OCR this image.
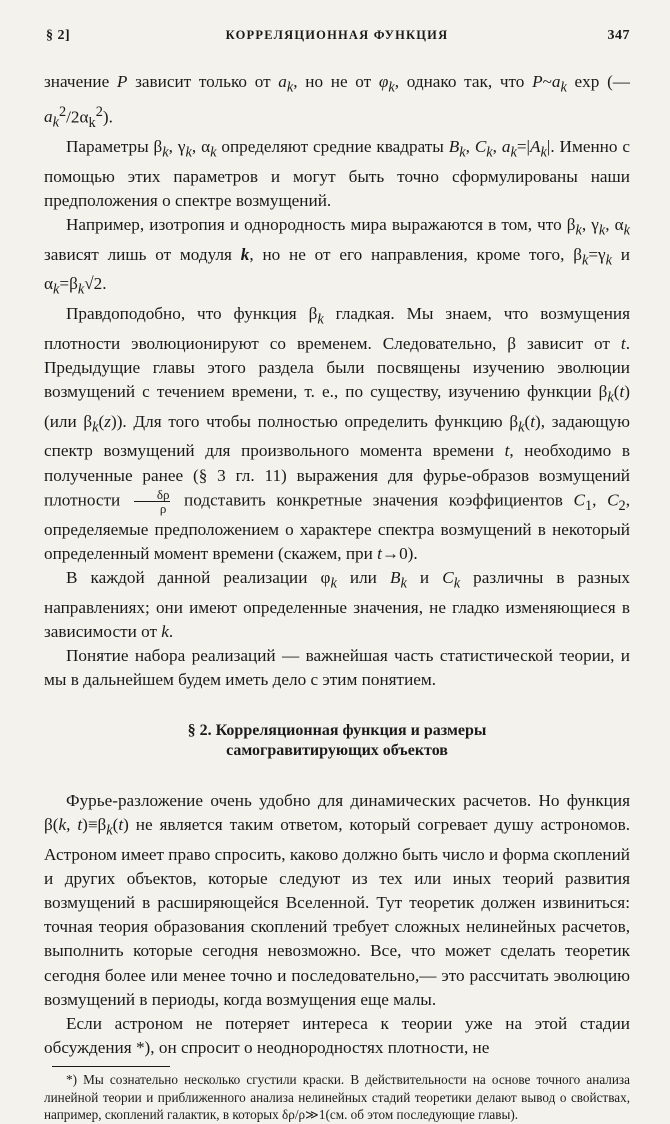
§ 2]	КОРРЕЛЯЦИОННАЯ ФУНКЦИЯ	347

значение P зависит только от $a_k$, но не от $\varphi_k$, однако так, что $P\sim a_k$ $\exp (—a_k^2/2\alpha_k^2)$.

Параметры $\beta_k$, $\gamma_k$, $\alpha_k$ определяют средние квадраты $B_k$, $C_k$, $a_k=|A_k|$. Именно с помощью этих параметров и могут быть точно сформулированы наши предположения о спектре возмущений.

Например, изотропия и однородность мира выражаются в том, что $\beta_k$, $\gamma_k$, $\alpha_k$ зависят лишь от модуля k, но не от его направления, кроме того, $\beta_k=\gamma_k$ и $\alpha_k=\beta_k√2$.

Правдоподобно, что функция $\beta_k$ гладкая. Мы знаем, что возмущения плотности эволюционируют со временем. Следовательно, β зависит от t. Предыдущие главы этого раздела были посвящены изучению эволюции возмущений с течением времени, т. е., по существу, изучению функции $\beta_k(t)$ (или $\beta_k(z)$). Для того чтобы полностью определить функцию $\beta_k(t)$, задающую спектр возмущений для произвольного момента времени t, необходимо в полученные ранее (§ 3 гл. 11) выражения для фурье-образов возмущений плотности $\frac{\delta\rho}{\rho}$ подставить конкретные значения коэффициентов $C_1$, $C_2$, определяемые предположением о характере спектра возмущений в некоторый определенный момент времени (скажем, при t→0).

В каждой данной реализации $\varphi_k$ или $B_k$ и $C_k$ различны в разных направлениях; они имеют определенные значения, не гладко изменяющиеся в зависимости от k.

Понятие набора реализаций — важнейшая часть статистической теории, и мы в дальнейшем будем иметь дело с этим понятием.

§ 2. Корреляционная функция и размеры
самогравитирующих объектов

Фурье-разложение очень удобно для динамических расчетов. Но функция β(k, $t)\equiv\beta_k(t)$ не является таким ответом, который согревает душу астрономов. Астроном имеет право спросить, каково должно быть число и форма скоплений и других объектов, которые следуют из тех или иных теорий развития возмущений в расширяющейся Вселенной. Тут теоретик должен извиниться: точная теория образования скоплений требует сложных нелинейных расчетов, выполнить которые сегодня невозможно. Все, что может сделать теоретик сегодня более или менее точно и последовательно,— это рассчитать эволюцию возмущений в периоды, когда возмущения еще малы.

Если астроном не потеряет интереса к теории уже на этой стадии обсуждения *), он спросит о неоднородностях плотности, не

*) Мы сознательно несколько сгустили краски. В действительности на основе точного анализа линейной теории и приближенного анализа нелинейных стадий теоретики делают вывод о свойствах, например, скоплений галактик, в которых δρ/ρ≫1(см. об этом последующие главы).
